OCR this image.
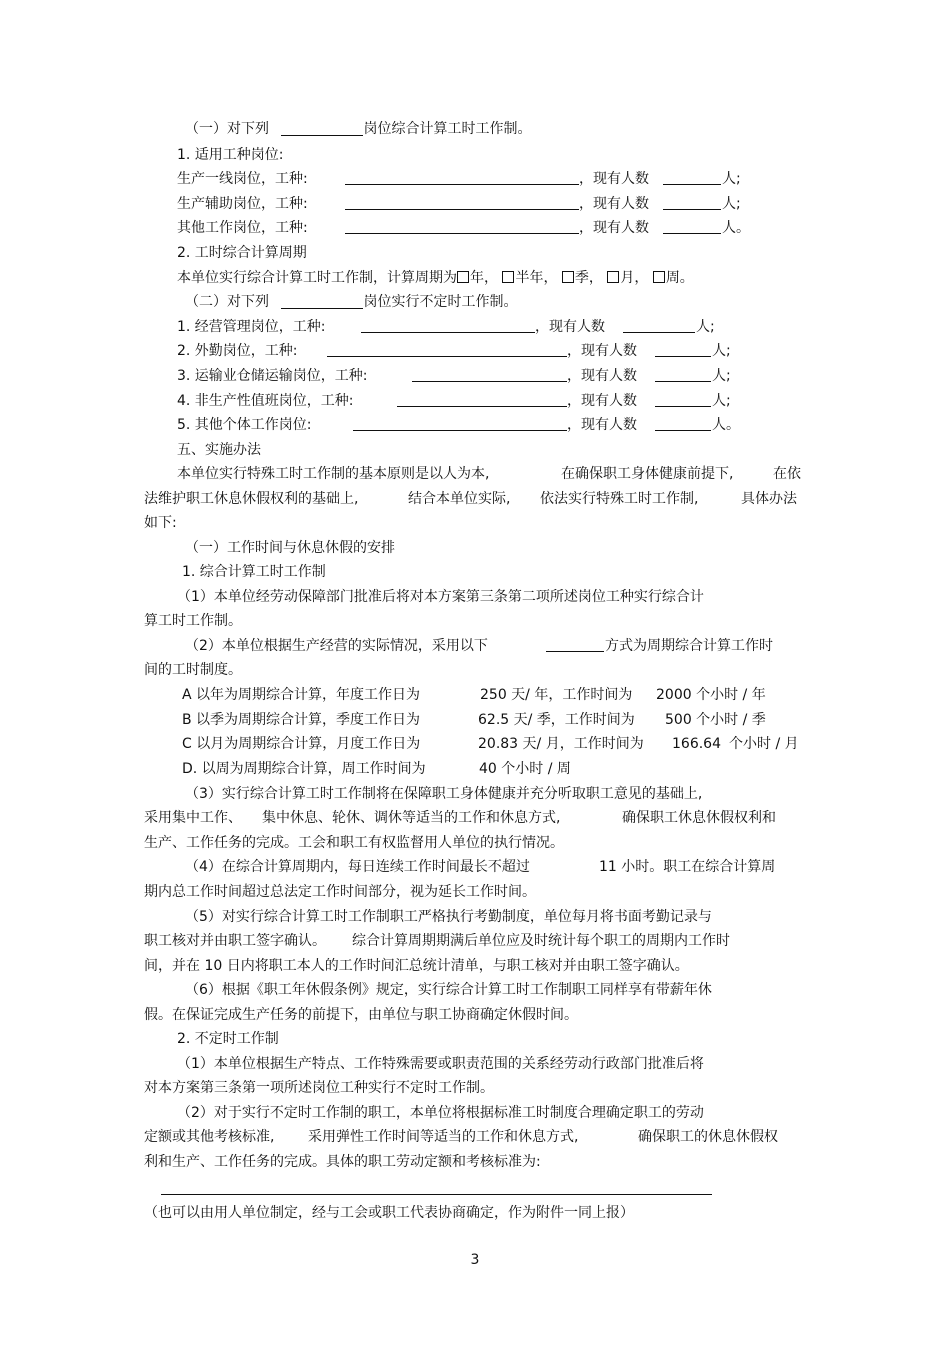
（一）对下列	岗位综合计算工时工作制。
1. 适用工种岗位:
生产一线岗位，工种:	，现有人数	人;
生产辅助岗位，工种:	，现有人数	人;
其他工作岗位，工种:	，现有人数	人。
2. 工时综合计算周期
本单位实行综合计算工时工作制，计算周期为 年， 半年， 季， 月， 周。
（二）对下列	岗位实行不定时工作制。
1. 经营管理岗位，工种:	，现有人数	人;
2. 外勤岗位，工种:	，现有人数	人;
3. 运输业仓储运输岗位，工种:	，现有人数	人;
4. 非生产性值班岗位，工种:	，现有人数	人;
5. 其他个体工作岗位:	，现有人数	人。
五、实施办法
本单位实行特殊工时工作制的基本原则是以人为本,	在确保职工身体健康前提下,	在依
法维护职工休息休假权利的基础上,	结合本单位实际, 依法实行特殊工时工作制,	具体办法
如下:
（一）工作时间与休息休假的安排
1. 综合计算工时工作制
（1）本单位经劳动保障部门批准后将对本方案第三条第二项所述岗位工种实行综合计
算工时工作制。
（2）本单位根据生产经营的实际情况，采用以下	方式为周期综合计算工作时
间的工时制度。
A 以年为周期综合计算，年度工作日为	250 天/ 年，工作时间为 2000 个小时 / 年
B 以季为周期综合计算，季度工作日为	62.5 天/ 季，工作时间为 500 个小时 / 季
C 以月为周期综合计算，月度工作日为	20.83 天/ 月，工作时间为 166.64 个小时 / 月
D. 以周为周期综合计算，周工作时间为	40 个小时 / 周
（3）实行综合计算工时工作制将在保障职工身体健康并充分听取职工意见的基础上,
采用集中工作、 集中休息、轮休、调休等适当的工作和休息方式,	确保职工休息休假权利和
生产、工作任务的完成。工会和职工有权监督用人单位的执行情况。
（4）在综合计算周期内，每日连续工作时间最长不超过	11 小时。职工在综合计算周
期内总工作时间超过总法定工作时间部分，视为延长工作时间。
（5）对实行综合计算工时工作制职工严格执行考勤制度，单位每月将书面考勤记录与
职工核对并由职工签字确认。 综合计算周期期满后单位应及时统计每个职工的周期内工作时
间，并在 10 日内将职工本人的工作时间汇总统计清单，与职工核对并由职工签字确认。
（6）根据《职工年休假条例》规定，实行综合计算工时工作制职工同样享有带薪年休
假。在保证完成生产任务的前提下，由单位与职工协商确定休假时间。
2. 不定时工作制
（1）本单位根据生产特点、工作特殊需要或职责范围的关系经劳动行政部门批准后将
对本方案第三条第一项所述岗位工种实行不定时工作制。
（2）对于实行不定时工作制的职工，本单位将根据标准工时制度合理确定职工的劳动
定额或其他考核标准, 采用弹性工作时间等适当的工作和休息方式,	确保职工的休息休假权
利和生产、工作任务的完成。具体的职工劳动定额和考核标准为:
（也可以由用人单位制定，经与工会或职工代表协商确定，作为附件一同上报）
3
